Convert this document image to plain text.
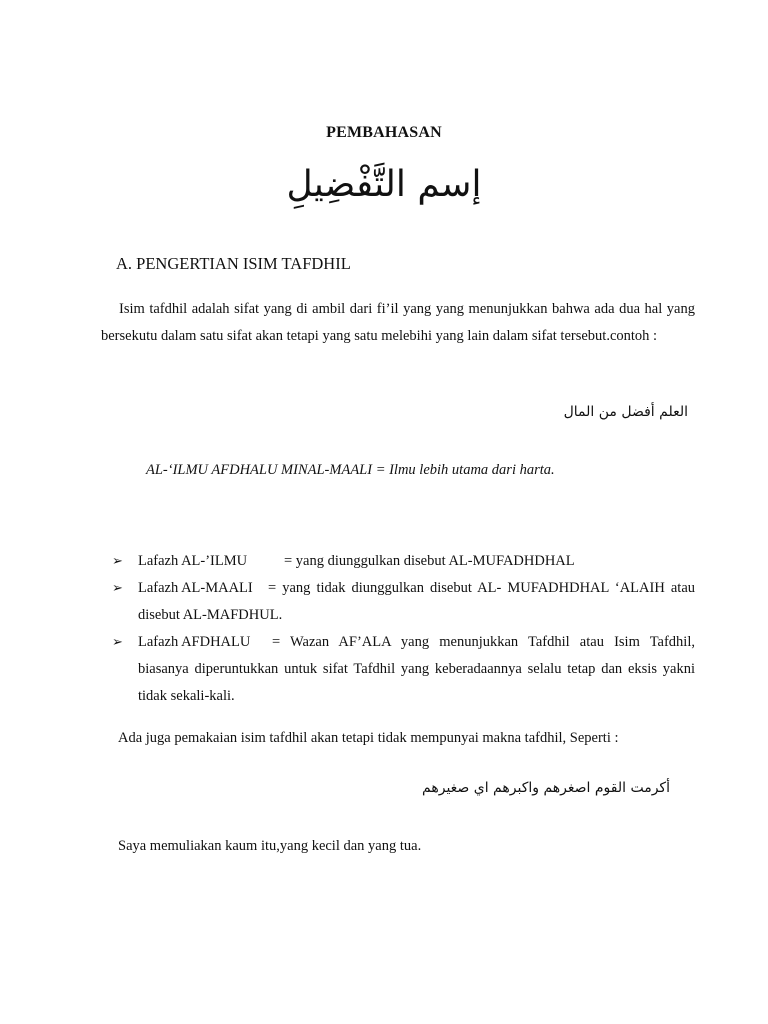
PEMBAHASAN
إسم التَّفْضِيلِ
A. PENGERTIAN ISIM TAFDHIL
Isim tafdhil adalah sifat yang di ambil dari fi’il yang yang menunjukkan bahwa ada dua hal yang bersekutu dalam satu sifat akan tetapi yang satu melebihi yang lain dalam sifat tersebut.contoh :
العلم أفضل من المال
AL-‘ILMU AFDHALU MINAL-MAALI = Ilmu lebih utama dari harta.
➢ Lafazh AL-’ILMU	= yang diunggulkan disebut AL-MUFADHDHAL
➢ Lafazh AL-MAALI = yang tidak diunggulkan disebut AL- MUFADHDHAL ‘ALAIH atau disebut AL-MAFDHUL.
➢ Lafazh AFDHALU = Wazan AF’ALA yang menunjukkan Tafdhil atau Isim Tafdhil, biasanya diperuntukkan untuk sifat Tafdhil yang keberadaannya selalu tetap dan eksis yakni tidak sekali-kali.
Ada juga pemakaian isim tafdhil akan tetapi tidak mempunyai makna tafdhil, Seperti :
أكرمت القوم اصغرهم واكبرهم اي صغيرهم
Saya memuliakan kaum itu,yang kecil dan yang tua.
